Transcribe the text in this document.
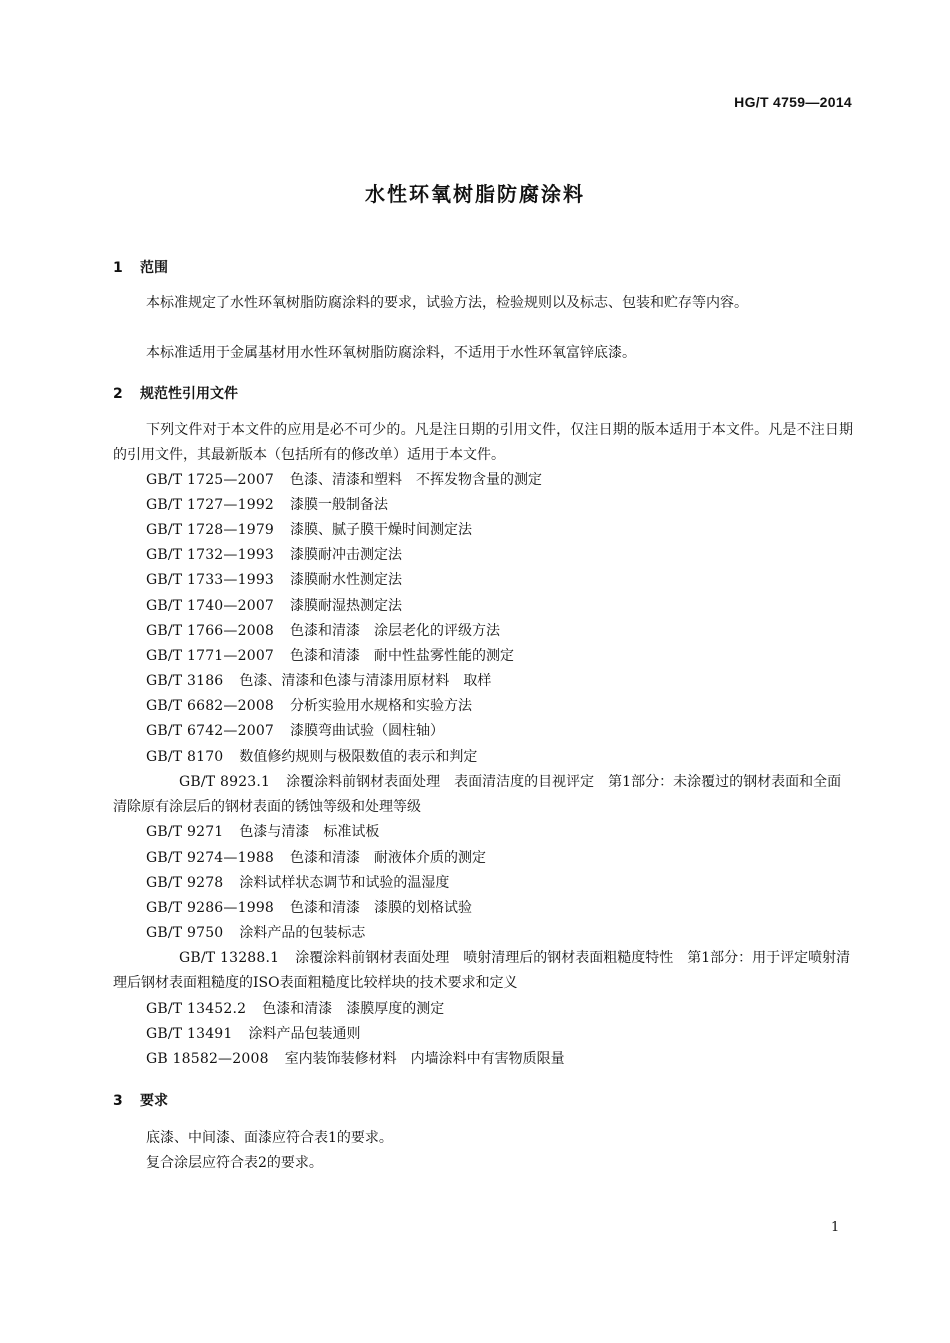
HG/T 4759—2014
水性环氧树脂防腐涂料
1 范围
本标准规定了水性环氧树脂防腐涂料的要求，试验方法，检验规则以及标志、包装和贮存等内容。
本标准适用于金属基材用水性环氧树脂防腐涂料，不适用于水性环氧富锌底漆。
2 规范性引用文件
下列文件对于本文件的应用是必不可少的。凡是注日期的引用文件，仅注日期的版本适用于本文件。凡是不注日期的引用文件，其最新版本（包括所有的修改单）适用于本文件。
GB/T 1725—2007 色漆、清漆和塑料　不挥发物含量的测定
GB/T 1727—1992 漆膜一般制备法
GB/T 1728—1979 漆膜、腻子膜干燥时间测定法
GB/T 1732—1993 漆膜耐冲击测定法
GB/T 1733—1993 漆膜耐水性测定法
GB/T 1740—2007 漆膜耐湿热测定法
GB/T 1766—2008 色漆和清漆　涂层老化的评级方法
GB/T 1771—2007 色漆和清漆　耐中性盐雾性能的测定
GB/T 3186 色漆、清漆和色漆与清漆用原材料　取样
GB/T 6682—2008 分析实验用水规格和实验方法
GB/T 6742—2007 漆膜弯曲试验（圆柱轴）
GB/T 8170 数值修约规则与极限数值的表示和判定
GB/T 8923.1 涂覆涂料前钢材表面处理　表面清洁度的目视评定　第1部分：未涂覆过的钢材表面和全面清除原有涂层后的钢材表面的锈蚀等级和处理等级
GB/T 9271 色漆与清漆　标准试板
GB/T 9274—1988 色漆和清漆　耐液体介质的测定
GB/T 9278 涂料试样状态调节和试验的温湿度
GB/T 9286—1998 色漆和清漆　漆膜的划格试验
GB/T 9750 涂料产品的包装标志
GB/T 13288.1 涂覆涂料前钢材表面处理　喷射清理后的钢材表面粗糙度特性　第1部分：用于评定喷射清理后钢材表面粗糙度的ISO表面粗糙度比较样块的技术要求和定义
GB/T 13452.2 色漆和清漆　漆膜厚度的测定
GB/T 13491 涂料产品包装通则
GB 18582—2008 室内装饰装修材料　内墙涂料中有害物质限量
3 要求
底漆、中间漆、面漆应符合表1的要求。
复合涂层应符合表2的要求。
1
